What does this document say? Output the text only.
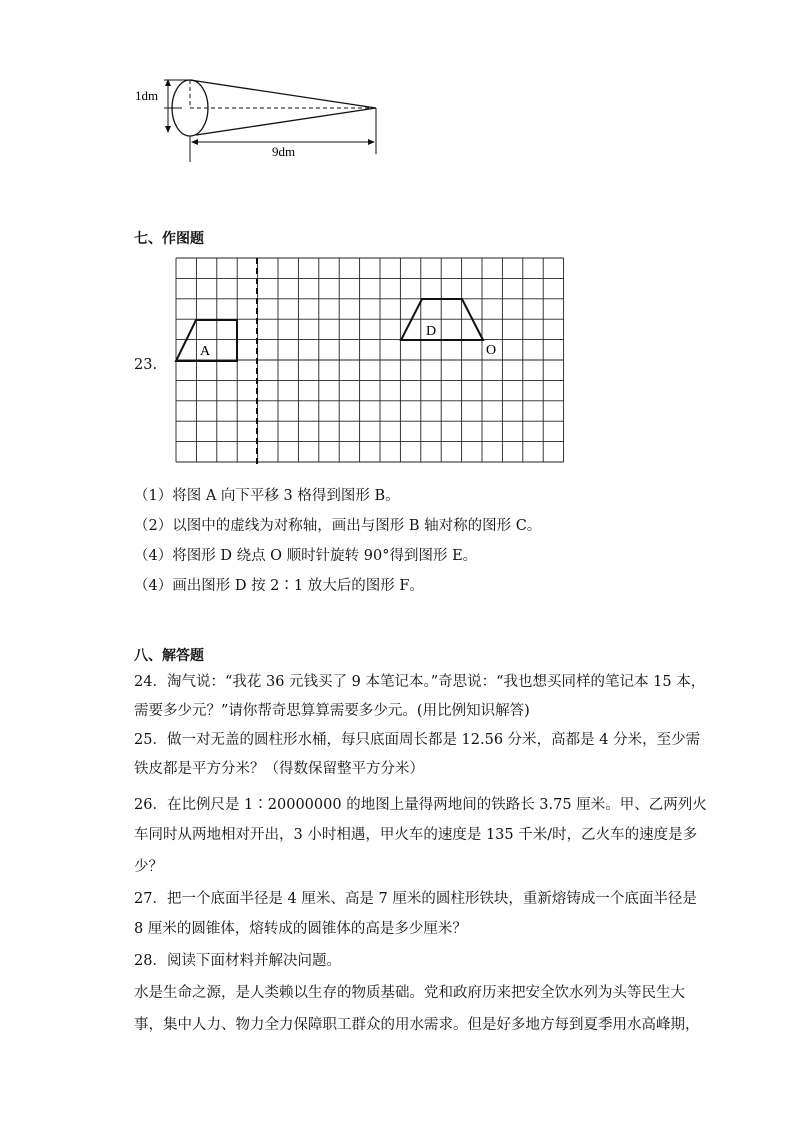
1dm
9dm
七、作图题
23.
A
D
O
（1）将图 A 向下平移 3 格得到图形 B。
（2）以图中的虚线为对称轴，画出与图形 B 轴对称的图形 C。
（4）将图形 D 绕点 O 顺时针旋转 90°得到图形 E。
（4）画出图形 D 按 2∶1 放大后的图形 F。
八、解答题
24．淘气说：“我花 36 元钱买了 9 本笔记本。”奇思说：“我也想买同样的笔记本 15 本，
需要多少元？”请你帮奇思算算需要多少元。(用比例知识解答)
25．做一对无盖的圆柱形水桶，每只底面周长都是 12.56 分米，高都是 4 分米，至少需
铁皮都是平方分米？（得数保留整平方分米）
26．在比例尺是 1∶20000000 的地图上量得两地间的铁路长 3.75 厘米。甲、乙两列火
车同时从两地相对开出，3 小时相遇，甲火车的速度是 135 千米/时，乙火车的速度是多
少？
27．把一个底面半径是 4 厘米、高是 7 厘米的圆柱形铁块，重新熔铸成一个底面半径是
8 厘米的圆锥体，熔转成的圆锥体的高是多少厘米？
28．阅读下面材料并解决问题。
水是生命之源，是人类赖以生存的物质基础。党和政府历来把安全饮水列为头等民生大
事，集中人力、物力全力保障职工群众的用水需求。但是好多地方每到夏季用水高峰期，
